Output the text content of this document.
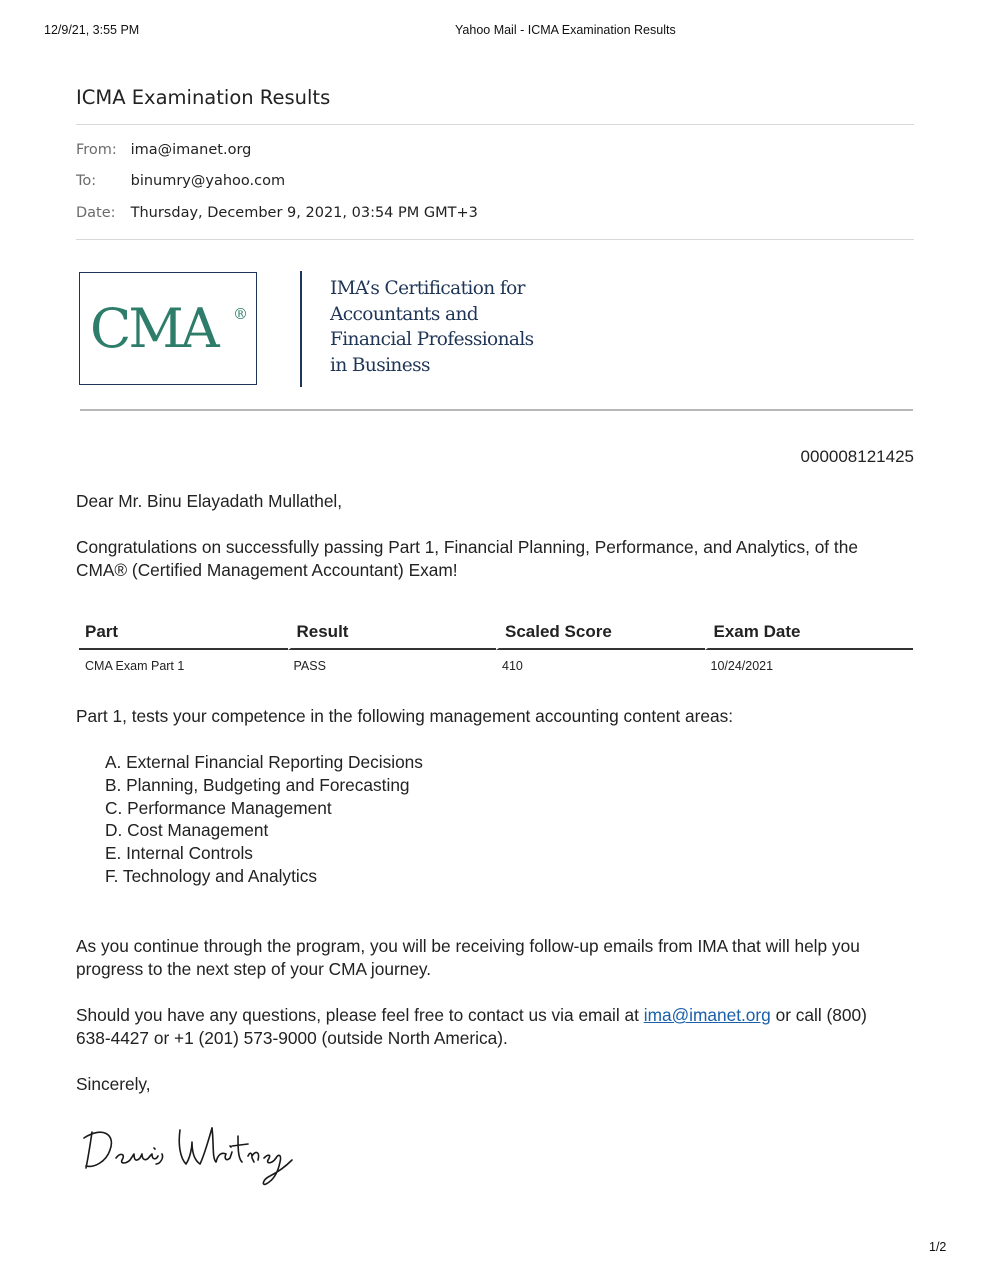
12/9/21, 3:55 PM	Yahoo Mail - ICMA Examination Results
ICMA Examination Results
From: ima@imanet.org
To: binumry@yahoo.com
Date: Thursday, December 9, 2021, 03:54 PM GMT+3
CMA ®
IMA’s Certification for
Accountants and
Financial Professionals
in Business
000008121425
Dear Mr. Binu Elayadath Mullathel,
Congratulations on successfully passing Part 1, Financial Planning, Performance, and Analytics, of the CMA® (Certified Management Accountant) Exam!
Part	Result	Scaled Score	Exam Date
CMA Exam Part 1	PASS	410	10/24/2021
Part 1, tests your competence in the following management accounting content areas:
A. External Financial Reporting Decisions
B. Planning, Budgeting and Forecasting
C. Performance Management
D. Cost Management
E. Internal Controls
F. Technology and Analytics
As you continue through the program, you will be receiving follow-up emails from IMA that will help you progress to the next step of your CMA journey.
Should you have any questions, please feel free to contact us via email at ima@imanet.org or call (800) 638-4427 or +1 (201) 573-9000 (outside North America).
Sincerely,
1/2
